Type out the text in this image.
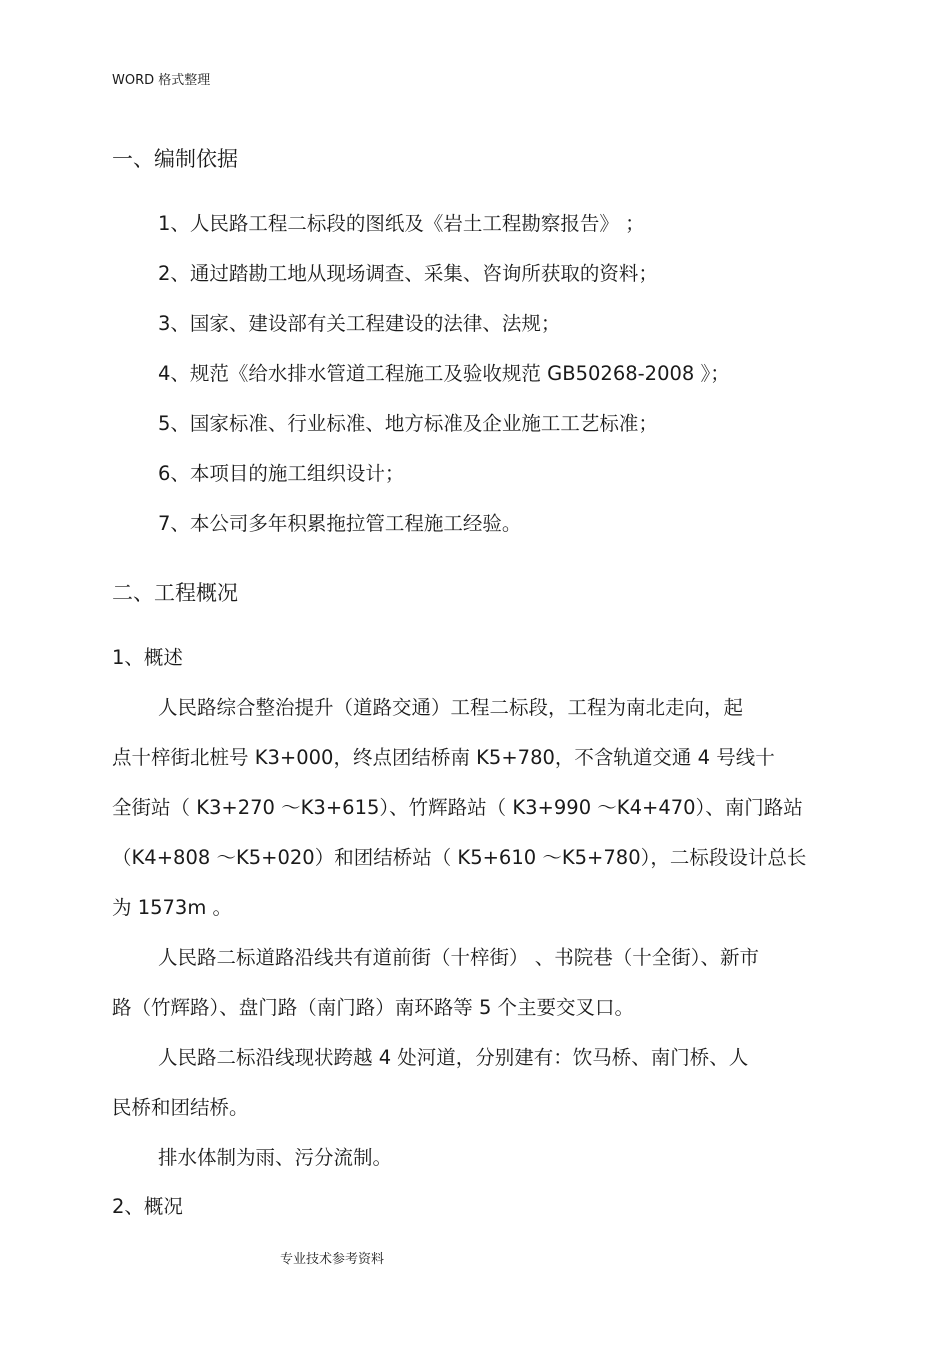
WORD 格式整理
一、编制依据
1、人民路工程二标段的图纸及《岩土工程勘察报告》 ；
2、通过踏勘工地从现场调查、采集、咨询所获取的资料；
3、国家、建设部有关工程建设的法律、法规；
4、规范《给水排水管道工程施工及验收规范 GB50268-2008 》；
5、国家标准、行业标准、地方标准及企业施工工艺标准；
6、本项目的施工组织设计；
7、本公司多年积累拖拉管工程施工经验。
二、工程概况
1、概述
人民路综合整治提升（道路交通）工程二标段，工程为南北走向，起
点十梓街北桩号 K3+000，终点团结桥南 K5+780，不含轨道交通 4 号线十
全街站（ K3+270 ～K3+615）、竹辉路站（ K3+990 ～K4+470）、南门路站
（K4+808 ～K5+020）和团结桥站（ K5+610 ～K5+780），二标段设计总长
为 1573m 。
人民路二标道路沿线共有道前街（十梓街） 、书院巷（十全街）、新市
路（竹辉路）、盘门路（南门路）南环路等 5 个主要交叉口。
人民路二标沿线现状跨越 4 处河道，分别建有：饮马桥、南门桥、人
民桥和团结桥。
排水体制为雨、污分流制。
2、概况
专业技术参考资料
